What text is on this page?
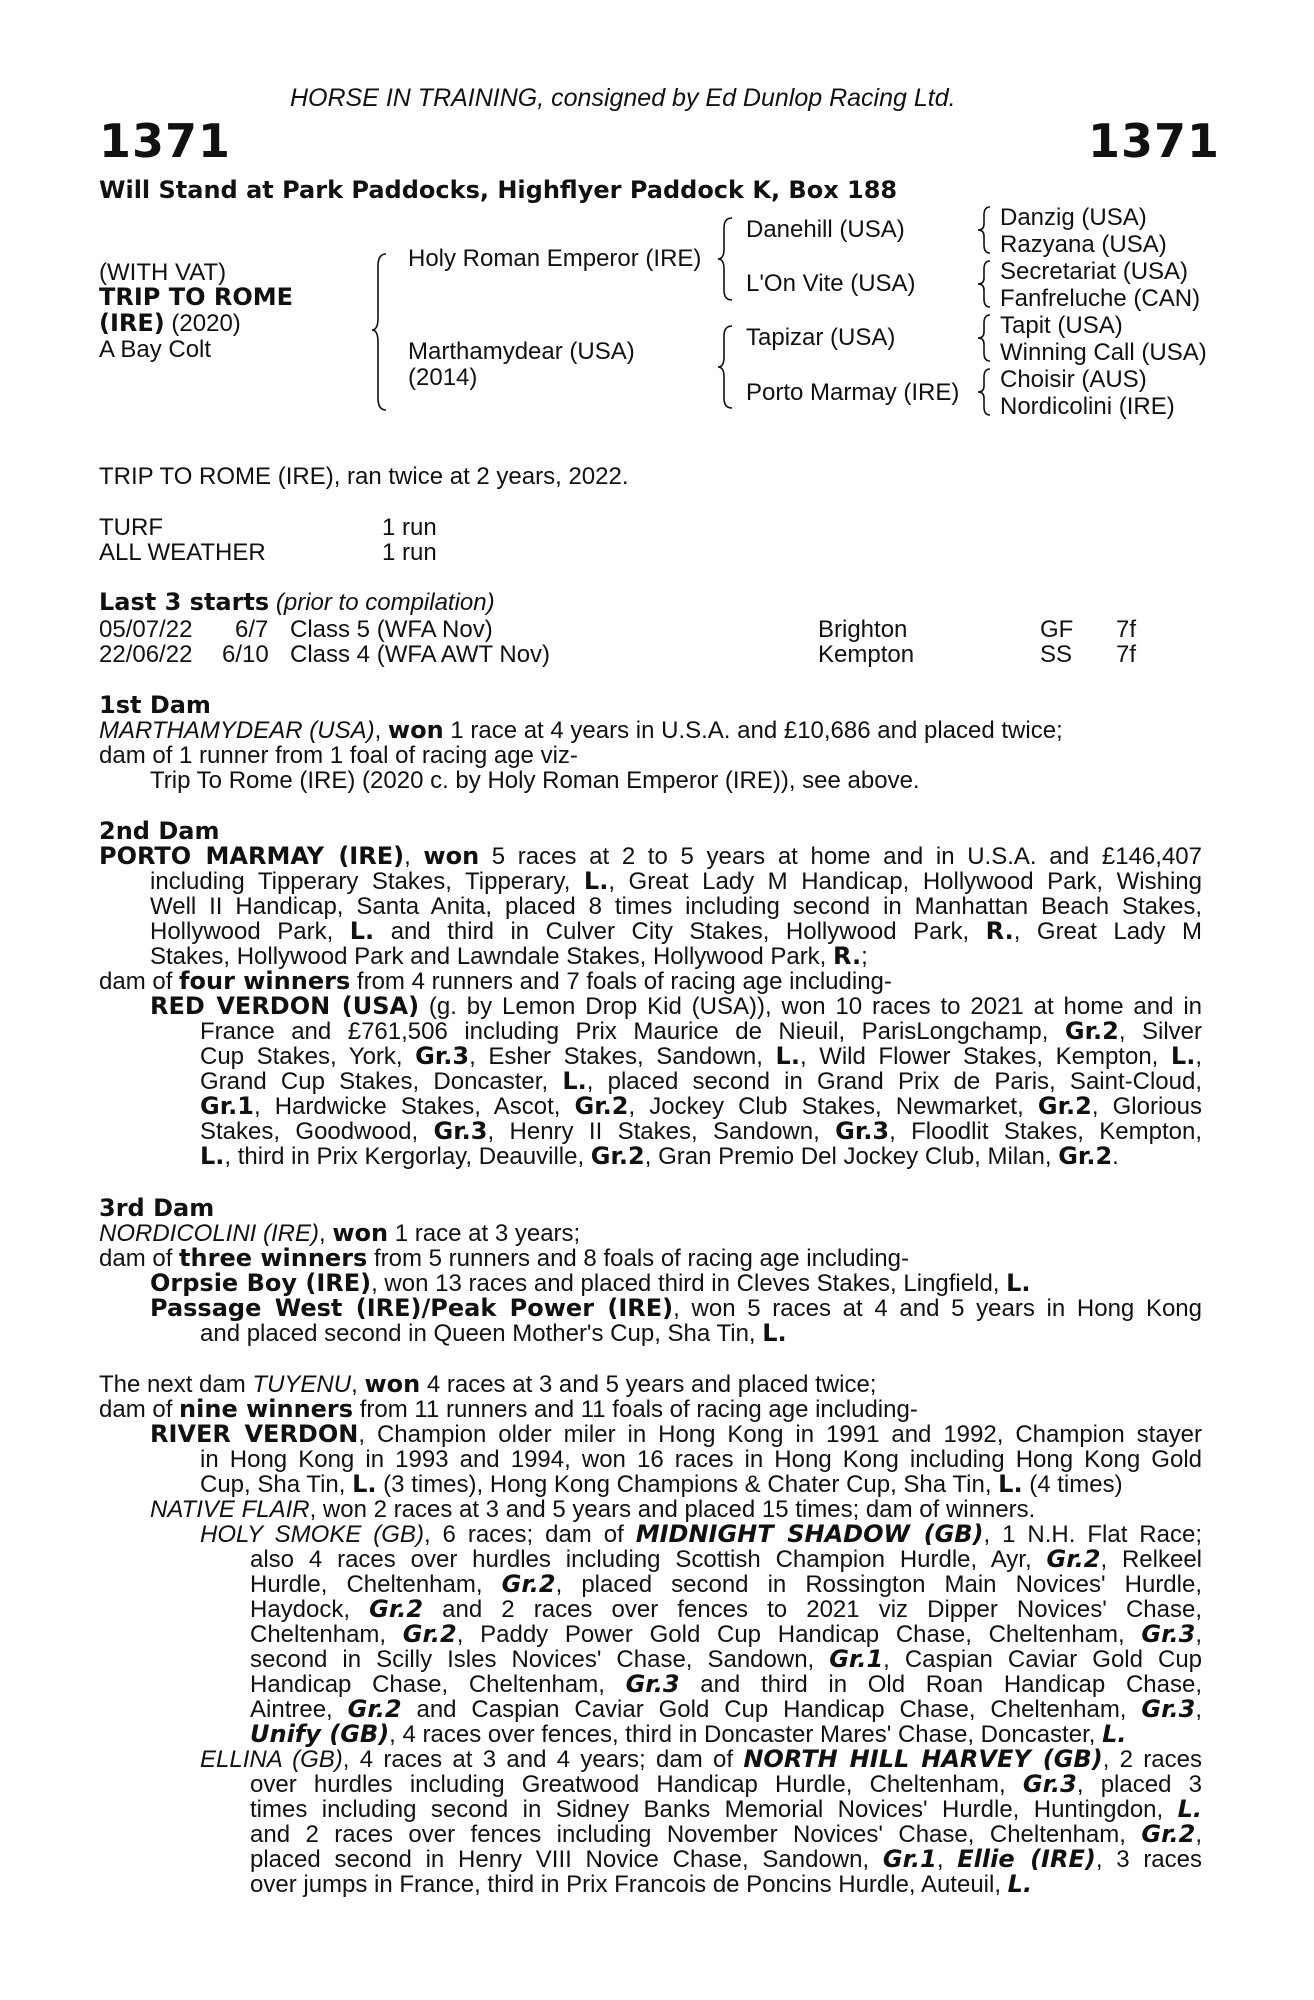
HORSE IN TRAINING, consigned by Ed Dunlop Racing Ltd.
1371	1371
Will Stand at Park Paddocks, Highflyer Paddock K, Box 188
(WITH VAT)
TRIP TO ROME
(IRE) (2020)
A Bay Colt
Holy Roman Emperor (IRE)
Marthamydear (USA)
(2014)
Danehill (USA)
L'On Vite (USA)
Tapizar (USA)
Porto Marmay (IRE)
Danzig (USA)
Razyana (USA)
Secretariat (USA)
Fanfreluche (CAN)
Tapit (USA)
Winning Call (USA)
Choisir (AUS)
Nordicolini (IRE)
TRIP TO ROME (IRE), ran twice at 2 years, 2022.
TURF	1 run
ALL WEATHER	1 run
Last 3 starts (prior to compilation)
05/07/22 6/7 Class 5 (WFA Nov)	Brighton	GF 7f
22/06/22 6/10 Class 4 (WFA AWT Nov)	Kempton	SS 7f
1st Dam
MARTHAMYDEAR (USA), won 1 race at 4 years in U.S.A. and £10,686 and placed twice;
dam of 1 runner from 1 foal of racing age viz-
Trip To Rome (IRE) (2020 c. by Holy Roman Emperor (IRE)), see above.
2nd Dam
PORTO MARMAY (IRE), won 5 races at 2 to 5 years at home and in U.S.A. and £146,407
including Tipperary Stakes, Tipperary, L., Great Lady M Handicap, Hollywood Park, Wishing
Well II Handicap, Santa Anita, placed 8 times including second in Manhattan Beach Stakes,
Hollywood Park, L. and third in Culver City Stakes, Hollywood Park, R., Great Lady M
Stakes, Hollywood Park and Lawndale Stakes, Hollywood Park, R.;
dam of four winners from 4 runners and 7 foals of racing age including-
RED VERDON (USA) (g. by Lemon Drop Kid (USA)), won 10 races to 2021 at home and in
France and £761,506 including Prix Maurice de Nieuil, ParisLongchamp, Gr.2, Silver
Cup Stakes, York, Gr.3, Esher Stakes, Sandown, L., Wild Flower Stakes, Kempton, L.,
Grand Cup Stakes, Doncaster, L., placed second in Grand Prix de Paris, Saint-Cloud,
Gr.1, Hardwicke Stakes, Ascot, Gr.2, Jockey Club Stakes, Newmarket, Gr.2, Glorious
Stakes, Goodwood, Gr.3, Henry II Stakes, Sandown, Gr.3, Floodlit Stakes, Kempton,
L., third in Prix Kergorlay, Deauville, Gr.2, Gran Premio Del Jockey Club, Milan, Gr.2.
3rd Dam
NORDICOLINI (IRE), won 1 race at 3 years;
dam of three winners from 5 runners and 8 foals of racing age including-
Orpsie Boy (IRE), won 13 races and placed third in Cleves Stakes, Lingfield, L.
Passage West (IRE)/Peak Power (IRE), won 5 races at 4 and 5 years in Hong Kong
and placed second in Queen Mother's Cup, Sha Tin, L.
The next dam TUYENU, won 4 races at 3 and 5 years and placed twice;
dam of nine winners from 11 runners and 11 foals of racing age including-
RIVER VERDON, Champion older miler in Hong Kong in 1991 and 1992, Champion stayer
in Hong Kong in 1993 and 1994, won 16 races in Hong Kong including Hong Kong Gold
Cup, Sha Tin, L. (3 times), Hong Kong Champions & Chater Cup, Sha Tin, L. (4 times)
NATIVE FLAIR, won 2 races at 3 and 5 years and placed 15 times; dam of winners.
HOLY SMOKE (GB), 6 races; dam of MIDNIGHT SHADOW (GB), 1 N.H. Flat Race;
also 4 races over hurdles including Scottish Champion Hurdle, Ayr, Gr.2, Relkeel
Hurdle, Cheltenham, Gr.2, placed second in Rossington Main Novices' Hurdle,
Haydock, Gr.2 and 2 races over fences to 2021 viz Dipper Novices' Chase,
Cheltenham, Gr.2, Paddy Power Gold Cup Handicap Chase, Cheltenham, Gr.3,
second in Scilly Isles Novices' Chase, Sandown, Gr.1, Caspian Caviar Gold Cup
Handicap Chase, Cheltenham, Gr.3 and third in Old Roan Handicap Chase,
Aintree, Gr.2 and Caspian Caviar Gold Cup Handicap Chase, Cheltenham, Gr.3,
Unify (GB), 4 races over fences, third in Doncaster Mares' Chase, Doncaster, L.
ELLINA (GB), 4 races at 3 and 4 years; dam of NORTH HILL HARVEY (GB), 2 races
over hurdles including Greatwood Handicap Hurdle, Cheltenham, Gr.3, placed 3
times including second in Sidney Banks Memorial Novices' Hurdle, Huntingdon, L.
and 2 races over fences including November Novices' Chase, Cheltenham, Gr.2,
placed second in Henry VIII Novice Chase, Sandown, Gr.1, Ellie (IRE), 3 races
over jumps in France, third in Prix Francois de Poncins Hurdle, Auteuil, L.
